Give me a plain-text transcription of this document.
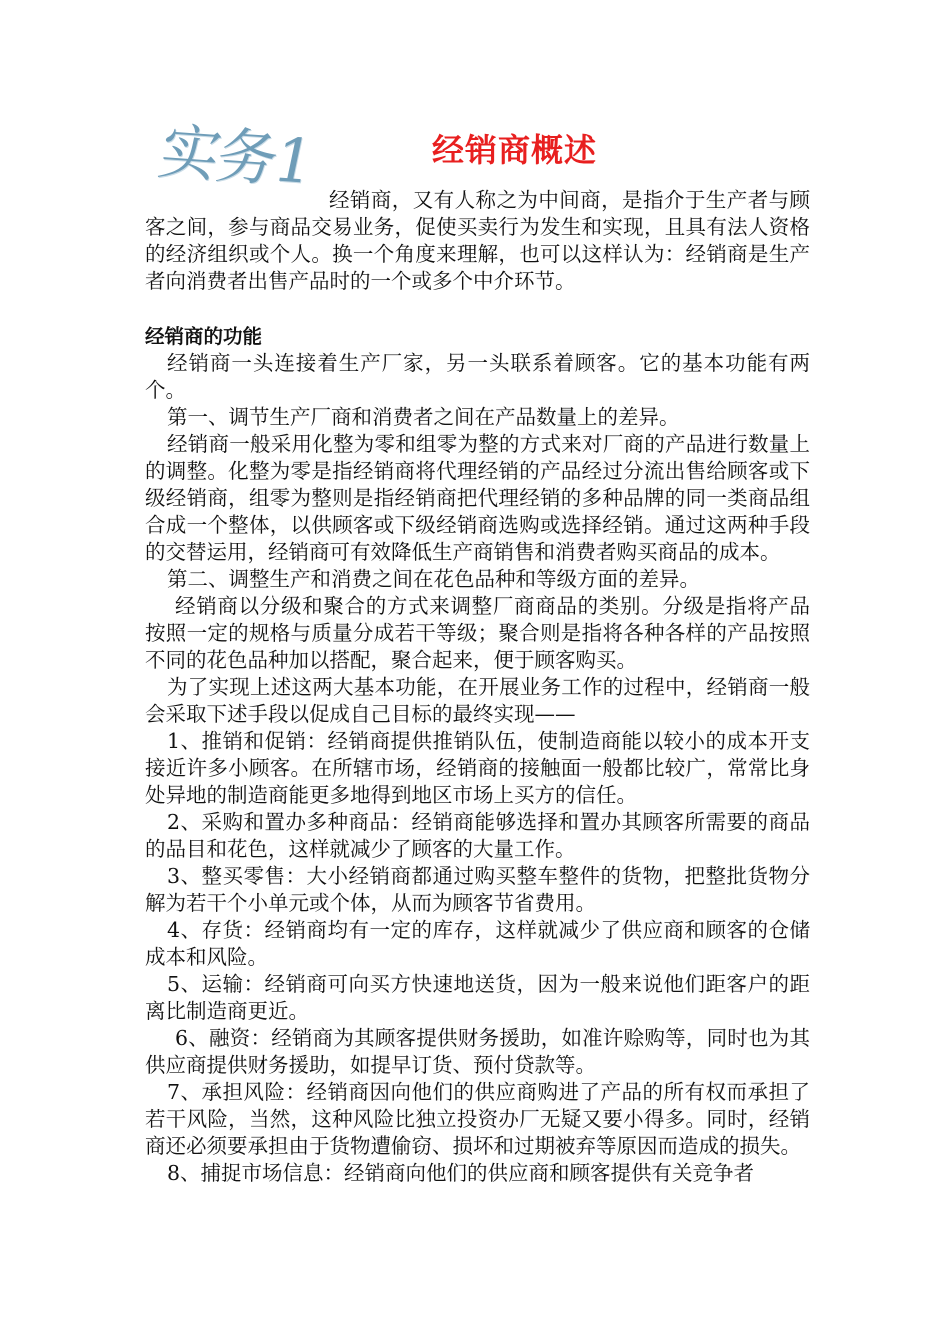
实务1	经销商概述

经销商，又有人称之为中间商，是指介于生产者与顾客之间，参与商品交易业务，促使买卖行为发生和实现，且具有法人资格的经济组织或个人。换一个角度来理解，也可以这样认为：经销商是生产者向消费者出售产品时的一个或多个中介环节。

经销商的功能

经销商一头连接着生产厂家，另一头联系着顾客。它的基本功能有两个。

第一、调节生产厂商和消费者之间在产品数量上的差异。

经销商一般采用化整为零和组零为整的方式来对厂商的产品进行数量上的调整。化整为零是指经销商将代理经销的产品经过分流出售给顾客或下级经销商，组零为整则是指经销商把代理经销的多种品牌的同一类商品组合成一个整体，以供顾客或下级经销商选购或选择经销。通过这两种手段的交替运用，经销商可有效降低生产商销售和消费者购买商品的成本。

第二、调整生产和消费之间在花色品种和等级方面的差异。

经销商以分级和聚合的方式来调整厂商商品的类别。分级是指将产品按照一定的规格与质量分成若干等级；聚合则是指将各种各样的产品按照不同的花色品种加以搭配，聚合起来，便于顾客购买。

为了实现上述这两大基本功能，在开展业务工作的过程中，经销商一般会采取下述手段以促成自己目标的最终实现——

1、推销和促销：经销商提供推销队伍，使制造商能以较小的成本开支接近许多小顾客。在所辖市场，经销商的接触面一般都比较广，常常比身处异地的制造商能更多地得到地区市场上买方的信任。

2、采购和置办多种商品：经销商能够选择和置办其顾客所需要的商品的品目和花色，这样就减少了顾客的大量工作。

3、整买零售：大小经销商都通过购买整车整件的货物，把整批货物分解为若干个小单元或个体，从而为顾客节省费用。

4、存货：经销商均有一定的库存，这样就减少了供应商和顾客的仓储成本和风险。

5、运输：经销商可向买方快速地送货，因为一般来说他们距客户的距离比制造商更近。

6、融资：经销商为其顾客提供财务援助，如准许赊购等，同时也为其供应商提供财务援助，如提早订货、预付贷款等。

7、承担风险：经销商因向他们的供应商购进了产品的所有权而承担了若干风险，当然，这种风险比独立投资办厂无疑又要小得多。同时，经销商还必须要承担由于货物遭偷窃、损坏和过期被弃等原因而造成的损失。

8、捕捉市场信息：经销商向他们的供应商和顾客提供有关竞争者
